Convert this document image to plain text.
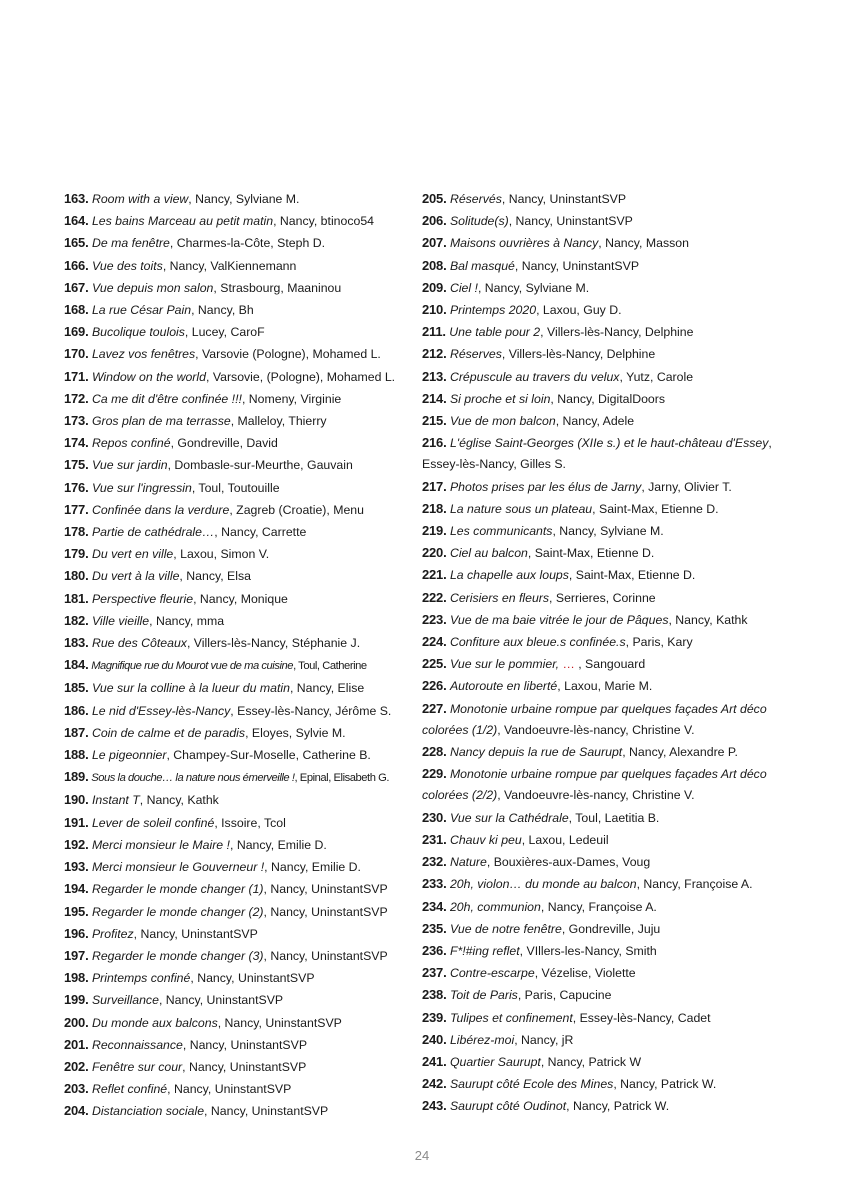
163. Room with a view, Nancy, Sylviane M.
164. Les bains Marceau au petit matin, Nancy, btinoco54
165. De ma fenêtre, Charmes-la-Côte, Steph D.
166. Vue des toits, Nancy, ValKiennemann
167. Vue depuis mon salon, Strasbourg, Maaninou
168. La rue César Pain, Nancy, Bh
169. Bucolique toulois, Lucey, CaroF
170. Lavez vos fenêtres, Varsovie (Pologne), Mohamed L.
171. Window on the world, Varsovie, (Pologne), Mohamed L.
172. Ca me dit d'être confinée !!!, Nomeny, Virginie
173. Gros plan de ma terrasse, Malleloy, Thierry
174. Repos confiné, Gondreville, David
175. Vue sur jardin, Dombasle-sur-Meurthe, Gauvain
176. Vue sur l'ingressin, Toul, Toutouille
177. Confinée dans la verdure, Zagreb (Croatie), Menu
178. Partie de cathédrale…, Nancy, Carrette
179. Du vert en ville, Laxou, Simon V.
180. Du vert à la ville, Nancy, Elsa
181. Perspective fleurie, Nancy, Monique
182. Ville vieille, Nancy, mma
183. Rue des Côteaux, Villers-lès-Nancy, Stéphanie J.
184. Magnifique rue du Mourot vue de ma cuisine, Toul, Catherine
185. Vue sur la colline à la lueur du matin, Nancy, Elise
186. Le nid d'Essey-lès-Nancy, Essey-lès-Nancy, Jérôme S.
187. Coin de calme et de paradis, Eloyes, Sylvie M.
188. Le pigeonnier, Champey-Sur-Moselle, Catherine B.
189. Sous la douche… la nature nous émerveille !, Epinal, Elisabeth G.
190. Instant T, Nancy, Kathk
191. Lever de soleil confiné, Issoire, Tcol
192. Merci monsieur le Maire !, Nancy, Emilie D.
193. Merci monsieur le Gouverneur !, Nancy, Emilie D.
194. Regarder le monde changer (1), Nancy, UninstantSVP
195. Regarder le monde changer (2), Nancy, UninstantSVP
196. Profitez, Nancy, UninstantSVP
197. Regarder le monde changer (3), Nancy, UninstantSVP
198. Printemps confiné, Nancy, UninstantSVP
199. Surveillance, Nancy, UninstantSVP
200. Du monde aux balcons, Nancy, UninstantSVP
201. Reconnaissance, Nancy, UninstantSVP
202. Fenêtre sur cour, Nancy, UninstantSVP
203. Reflet confiné, Nancy, UninstantSVP
204. Distanciation sociale, Nancy, UninstantSVP
205. Réservés, Nancy, UninstantSVP
206. Solitude(s), Nancy, UninstantSVP
207. Maisons ouvrières à Nancy, Nancy, Masson
208. Bal masqué, Nancy, UninstantSVP
209. Ciel !, Nancy, Sylviane M.
210. Printemps 2020, Laxou, Guy D.
211. Une table pour 2, Villers-lès-Nancy, Delphine
212. Réserves, Villers-lès-Nancy, Delphine
213. Crépuscule au travers du velux, Yutz, Carole
214. Si proche et si loin, Nancy, DigitalDoors
215. Vue de mon balcon, Nancy, Adele
216. L'église Saint-Georges (XIIe s.) et le haut-château d'Essey, Essey-lès-Nancy, Gilles S.
217. Photos prises par les élus de Jarny, Jarny, Olivier T.
218. La nature sous un plateau, Saint-Max, Etienne D.
219. Les communicants, Nancy, Sylviane M.
220. Ciel au balcon, Saint-Max, Etienne D.
221. La chapelle aux loups, Saint-Max, Etienne D.
222. Cerisiers en fleurs, Serrieres, Corinne
223. Vue de ma baie vitrée le jour de Pâques, Nancy, Kathk
224. Confiture aux bleue.s confinée.s, Paris, Kary
225. Vue sur le pommier, … , Sangouard
226. Autoroute en liberté, Laxou, Marie M.
227. Monotonie urbaine rompue par quelques façades Art déco colorées (1/2), Vandoeuvre-lès-nancy, Christine V.
228. Nancy depuis la rue de Saurupt, Nancy, Alexandre P.
229. Monotonie urbaine rompue par quelques façades Art déco colorées (2/2), Vandoeuvre-lès-nancy, Christine V.
230. Vue sur la Cathédrale, Toul, Laetitia B.
231. Chauv ki peu, Laxou, Ledeuil
232. Nature, Bouxières-aux-Dames, Voug
233. 20h, violon… du monde au balcon, Nancy, Françoise A.
234. 20h, communion, Nancy, Françoise A.
235. Vue de notre fenêtre, Gondreville, Juju
236. F*!#ing reflet, VIllers-les-Nancy, Smith
237. Contre-escarpe, Vézelise, Violette
238. Toit de Paris, Paris, Capucine
239. Tulipes et confinement, Essey-lès-Nancy, Cadet
240. Libérez-moi, Nancy, jR
241. Quartier Saurupt, Nancy, Patrick W
242. Saurupt côté Ecole des Mines, Nancy, Patrick W.
243. Saurupt côté Oudinot, Nancy, Patrick W.
24
